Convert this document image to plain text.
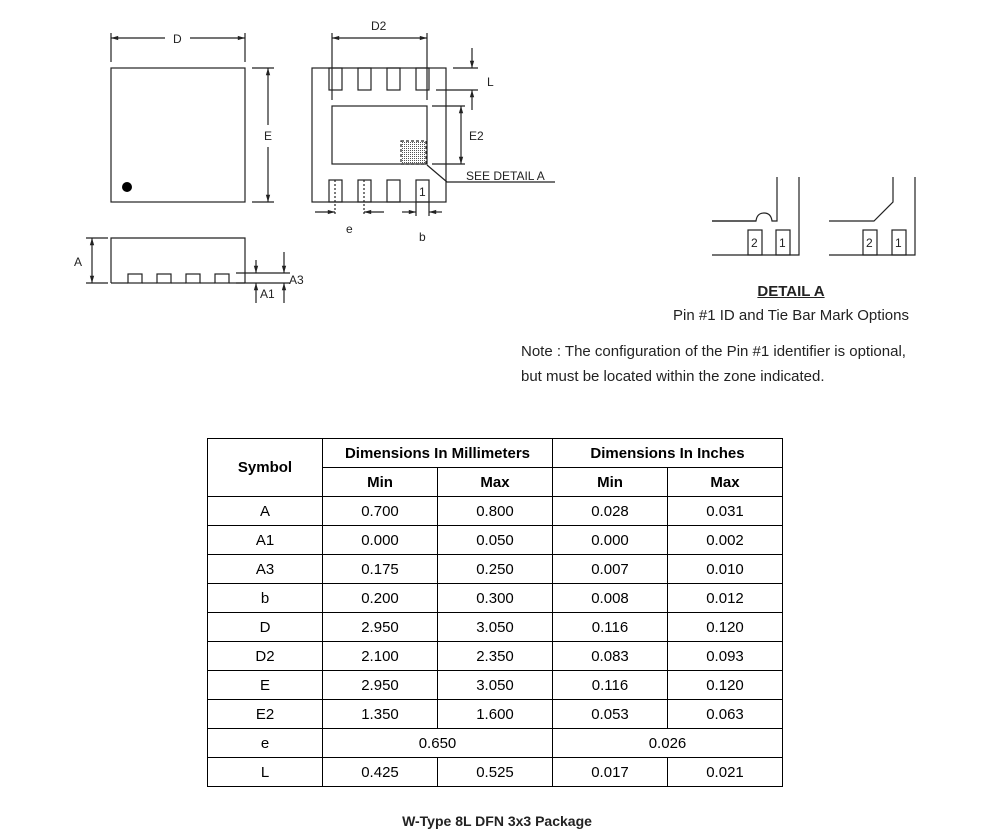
D
E
D2
L
E2
SEE DETAIL A
1
e
b
A
A3
A1
2 1	2 1
DETAIL A
Pin #1 ID and Tie Bar Mark Options
Note : The configuration of the Pin #1 identifier is optional,
but must be located within the zone indicated.
Symbol	Dimensions In Millimeters		Dimensions In Inches	
	Min	Max	Min	Max
A	0.700	0.800	0.028	0.031
A1	0.000	0.050	0.000	0.002
A3	0.175	0.250	0.007	0.010
b	0.200	0.300	0.008	0.012
D	2.950	3.050	0.116	0.120
D2	2.100	2.350	0.083	0.093
E	2.950	3.050	0.116	0.120
E2	1.350	1.600	0.053	0.063
e	0.650		0.026	
L	0.425	0.525	0.017	0.021
W-Type 8L DFN 3x3 Package
